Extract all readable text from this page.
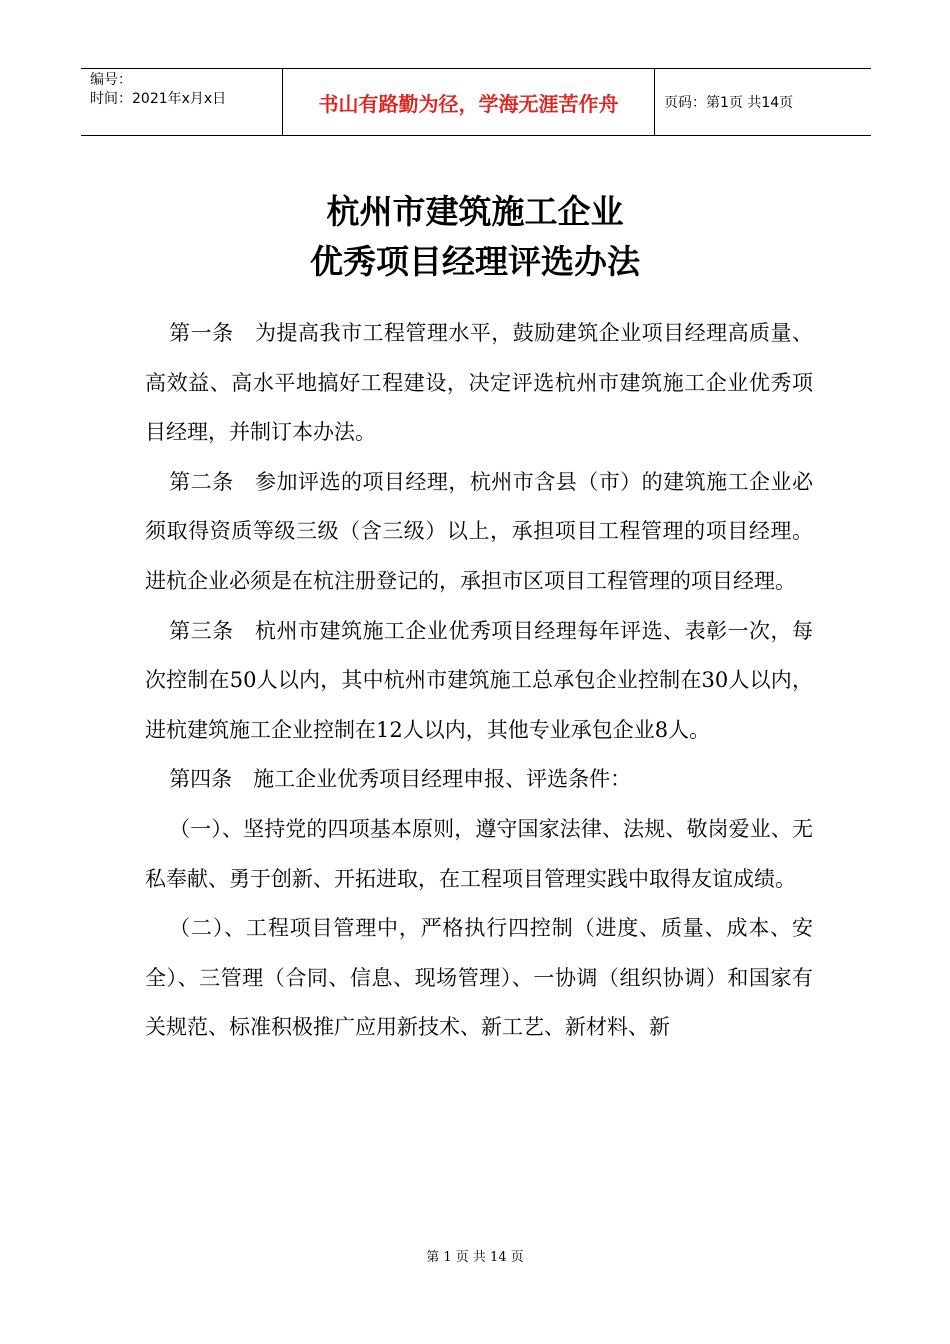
编号：
时间：2021年x月x日	书山有路勤为径，学海无涯苦作舟	页码：第1页 共14页
杭州市建筑施工企业
优秀项目经理评选办法

第一条　为提高我市工程管理水平，鼓励建筑企业项目经理高质量、高效益、高水平地搞好工程建设，决定评选杭州市建筑施工企业优秀项目经理，并制订本办法。

第二条　参加评选的项目经理，杭州市含县（市）的建筑施工企业必须取得资质等级三级（含三级）以上，承担项目工程管理的项目经理。进杭企业必须是在杭注册登记的，承担市区项目工程管理的项目经理。

第三条　杭州市建筑施工企业优秀项目经理每年评选、表彰一次，每次控制在50人以内，其中杭州市建筑施工总承包企业控制在30人以内，进杭建筑施工企业控制在12人以内，其他专业承包企业8人。

第四条　施工企业优秀项目经理申报、评选条件：

（一）、坚持党的四项基本原则，遵守国家法律、法规、敬岗爱业、无私奉献、勇于创新、开拓进取，在工程项目管理实践中取得友谊成绩。

（二）、工程项目管理中，严格执行四控制（进度、质量、成本、安全）、三管理（合同、信息、现场管理）、一协调（组织协调）和国家有关规范、标准积极推广应用新技术、新工艺、新材料、新

第 1 页 共 14 页
